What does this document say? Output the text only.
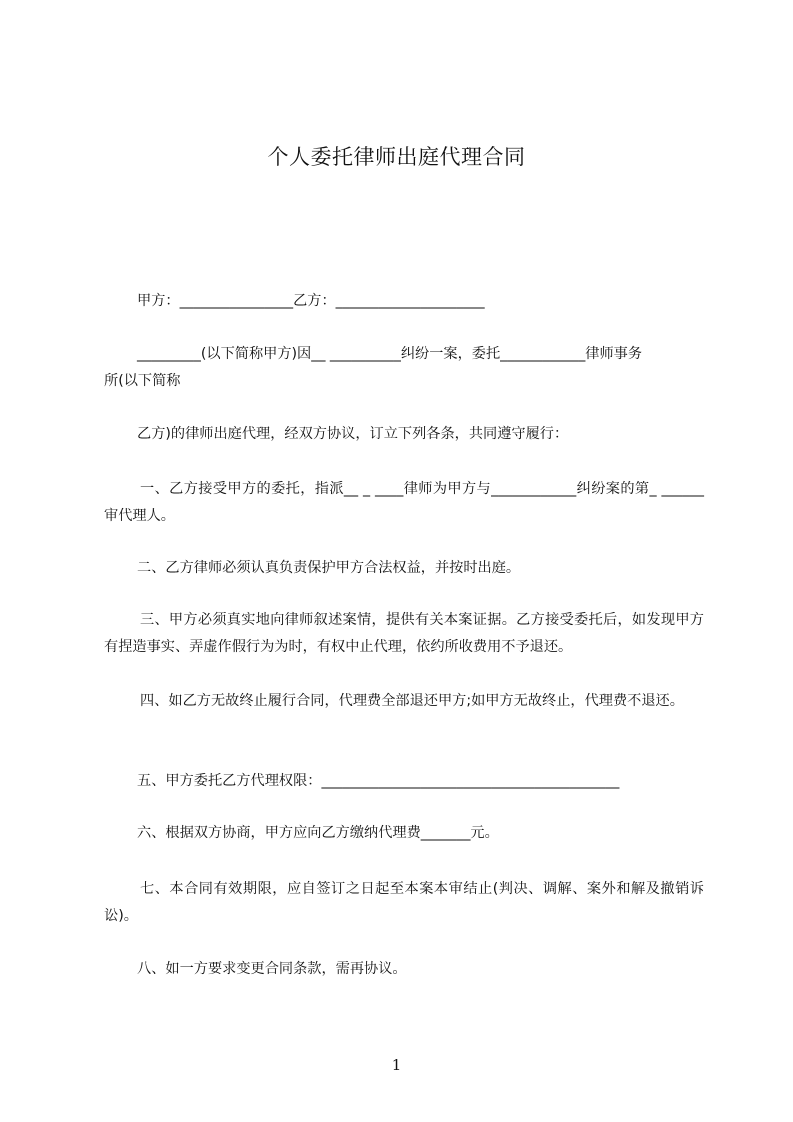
个人委托律师出庭代理合同
甲方：________________乙方：_____________________
_________(以下简称甲方)因__ __________纠纷一案，委托____________律师事务
所(以下简称
乙方)的律师出庭代理，经双方协议，订立下列各条，共同遵守履行：
一、乙方接受甲方的委托，指派__ _ ____律师为甲方与____________纠纷案的第_ ______审代理人。
二、乙方律师必须认真负责保护甲方合法权益，并按时出庭。
三、甲方必须真实地向律师叙述案情，提供有关本案证据。乙方接受委托后，如发现甲方有捏造事实、弄虚作假行为为时，有权中止代理，依约所收费用不予退还。
四、如乙方无故终止履行合同，代理费全部退还甲方;如甲方无故终止，代理费不退还。
五、甲方委托乙方代理权限：__________________________________________
六、根据双方协商，甲方应向乙方缴纳代理费_______元。
七、本合同有效期限，应自签订之日起至本案本审结止(判决、调解、案外和解及撤销诉讼)。
八、如一方要求变更合同条款，需再协议。
1
